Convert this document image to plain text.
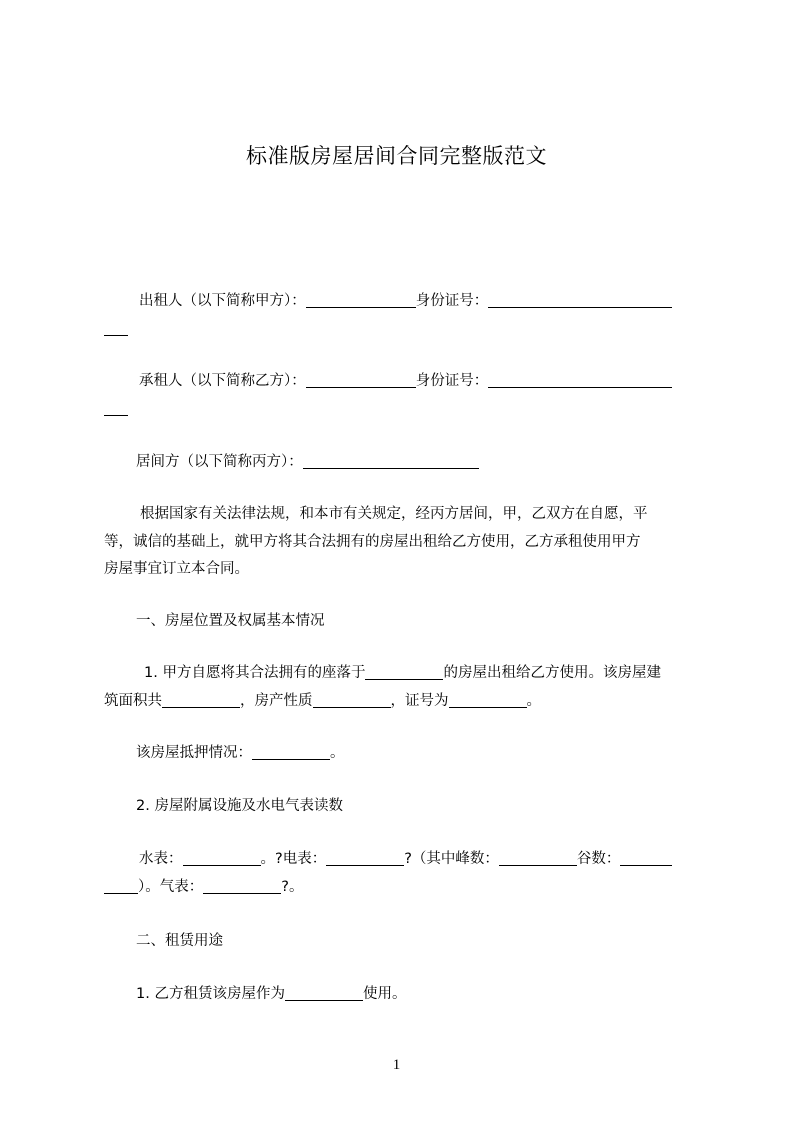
标准版房屋居间合同完整版范文
出租人（以下简称甲方）：	身份证号：
承租人（以下简称乙方）：	身份证号：
居间方（以下简称丙方）：
根据国家有关法律法规，和本市有关规定，经丙方居间，甲，乙双方在自愿，平
等，诚信的基础上，就甲方将其合法拥有的房屋出租给乙方使用，乙方承租使用甲方
房屋事宜订立本合同。
一、房屋位置及权属基本情况
1. 甲方自愿将其合法拥有的座落于	的房屋出租给乙方使用。该房屋建
筑面积共	，房产性质	，证号为	。
该房屋抵押情况：	。
2. 房屋附属设施及水电气表读数
水表：	。?电表：	?（其中峰数：	谷数：
）。气表：	?。
二、租赁用途
1. 乙方租赁该房屋作为	使用。
1
